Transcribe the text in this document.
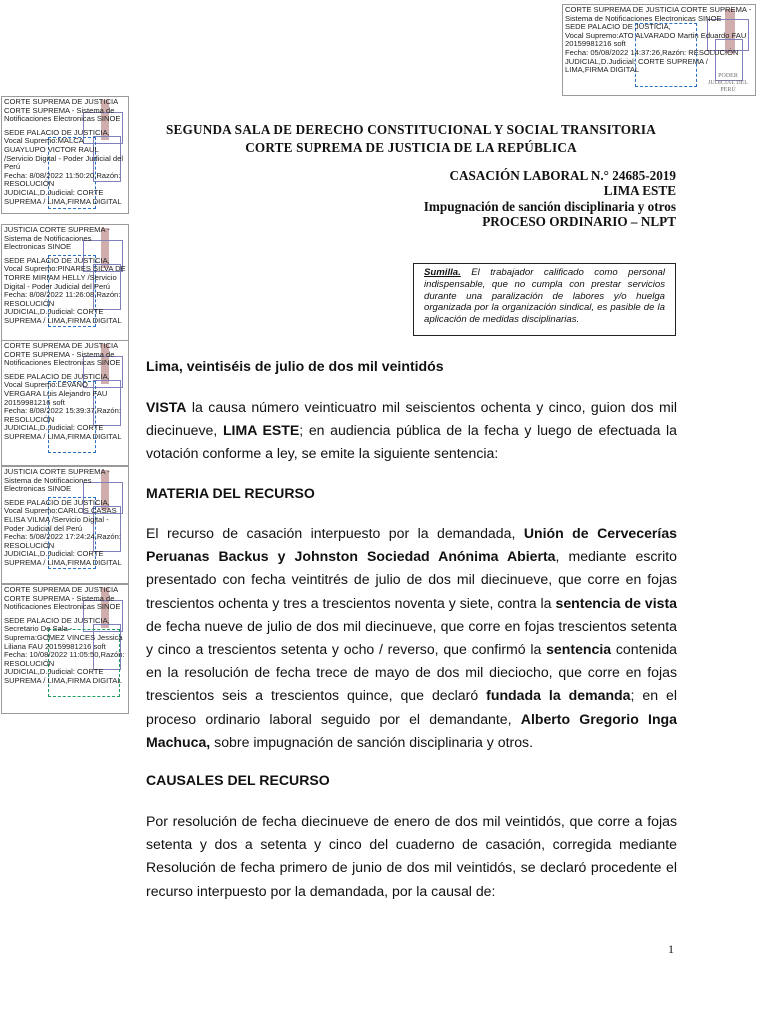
PODER JUDICIAL DEL PERÚ
CORTE SUPREMA DE JUSTICIA CORTE SUPREMA - Sistema de Notificaciones Electronicas SINOE
SEDE PALACIO DE JUSTICIA,
Vocal Supremo:ATO ALVARADO Martin Eduardo FAU 20159981216 soft
Fecha: 05/08/2022 14:37:26,Razón: RESOLUCIÓN JUDICIAL,D.Judicial: CORTE SUPREMA / LIMA,FIRMA DIGITAL
CORTE SUPREMA DE JUSTICIA CORTE SUPREMA - Sistema de Notificaciones Electronicas SINOE
SEDE PALACIO DE JUSTICIA,
Vocal Supremo:MALCA GUAYLUPO VICTOR RAUL /Servicio Digital - Poder Judicial del Perú
Fecha: 8/08/2022 11:50:20,Razón: RESOLUCIÓN JUDICIAL,D.Judicial: CORTE SUPREMA / LIMA,FIRMA DIGITAL
JUSTICIA CORTE SUPREMA - Sistema de Notificaciones Electronicas SINOE
SEDE PALACIO DE JUSTICIA,
Vocal Supremo:PINARES SILVA DE TORRE MIRIAM HELLY /Servicio Digital - Poder Judicial del Perú
Fecha: 8/08/2022 11:26:08,Razón: RESOLUCIÓN JUDICIAL,D.Judicial: CORTE SUPREMA / LIMA,FIRMA DIGITAL
CORTE SUPREMA DE JUSTICIA CORTE SUPREMA - Sistema de Notificaciones Electronicas SINOE
SEDE PALACIO DE JUSTICIA,
Vocal Supremo:LEVANO VERGARA Luis Alejandro FAU 20159981216 soft
Fecha: 8/08/2022 15:39:37,Razón: RESOLUCIÓN JUDICIAL,D.Judicial: CORTE SUPREMA / LIMA,FIRMA DIGITAL
JUSTICIA CORTE SUPREMA - Sistema de Notificaciones Electronicas SINOE
SEDE PALACIO DE JUSTICIA,
Vocal Supremo:CARLOS CASAS ELISA VILMA /Servicio Digital - Poder Judicial del Perú
Fecha: 5/08/2022 17:24:24,Razón: RESOLUCIÓN JUDICIAL,D.Judicial: CORTE SUPREMA / LIMA,FIRMA DIGITAL
CORTE SUPREMA DE JUSTICIA CORTE SUPREMA - Sistema de Notificaciones Electronicas SINOE
SEDE PALACIO DE JUSTICIA,
Secretario De Sala - Suprema:GOMEZ VINCES Jessica Liliana FAU 20159981216 soft
Fecha: 10/08/2022 11:05:50,Razón: RESOLUCIÓN JUDICIAL,D.Judicial: CORTE SUPREMA / LIMA,FIRMA DIGITAL
SEGUNDA SALA DE DERECHO CONSTITUCIONAL Y SOCIAL TRANSITORIA
CORTE SUPREMA DE JUSTICIA DE LA REPÚBLICA
CASACIÓN LABORAL N.° 24685-2019
LIMA ESTE
Impugnación de sanción disciplinaria y otros
PROCESO ORDINARIO – NLPT
Sumilla. El trabajador calificado como personal indispensable, que no cumpla con prestar servicios durante una paralización de labores y/o huelga organizada por la organización sindical, es pasible de la aplicación de medidas disciplinarias.
Lima, veintiséis de julio de dos mil veintidós
VISTA la causa número veinticuatro mil seiscientos ochenta y cinco, guion dos mil diecinueve, LIMA ESTE; en audiencia pública de la fecha y luego de efectuada la votación conforme a ley, se emite la siguiente sentencia:
MATERIA DEL RECURSO
El recurso de casación interpuesto por la demandada, Unión de Cervecerías Peruanas Backus y Johnston Sociedad Anónima Abierta, mediante escrito presentado con fecha veintitrés de julio de dos mil diecinueve, que corre en fojas trescientos ochenta y tres a trescientos noventa y siete, contra la sentencia de vista de fecha nueve de julio de dos mil diecinueve, que corre en fojas trescientos setenta y cinco a trescientos setenta y ocho / reverso, que confirmó la sentencia contenida en la resolución de fecha trece de mayo de dos mil dieciocho, que corre en fojas trescientos seis a trescientos quince, que declaró fundada la demanda; en el proceso ordinario laboral seguido por el demandante, Alberto Gregorio Inga Machuca, sobre impugnación de sanción disciplinaria y otros.
CAUSALES DEL RECURSO
Por resolución de fecha diecinueve de enero de dos mil veintidós, que corre a fojas setenta y dos a setenta y cinco del cuaderno de casación, corregida mediante Resolución de fecha primero de junio de dos mil veintidós, se declaró procedente el recurso interpuesto por la demandada, por la causal de:
1
